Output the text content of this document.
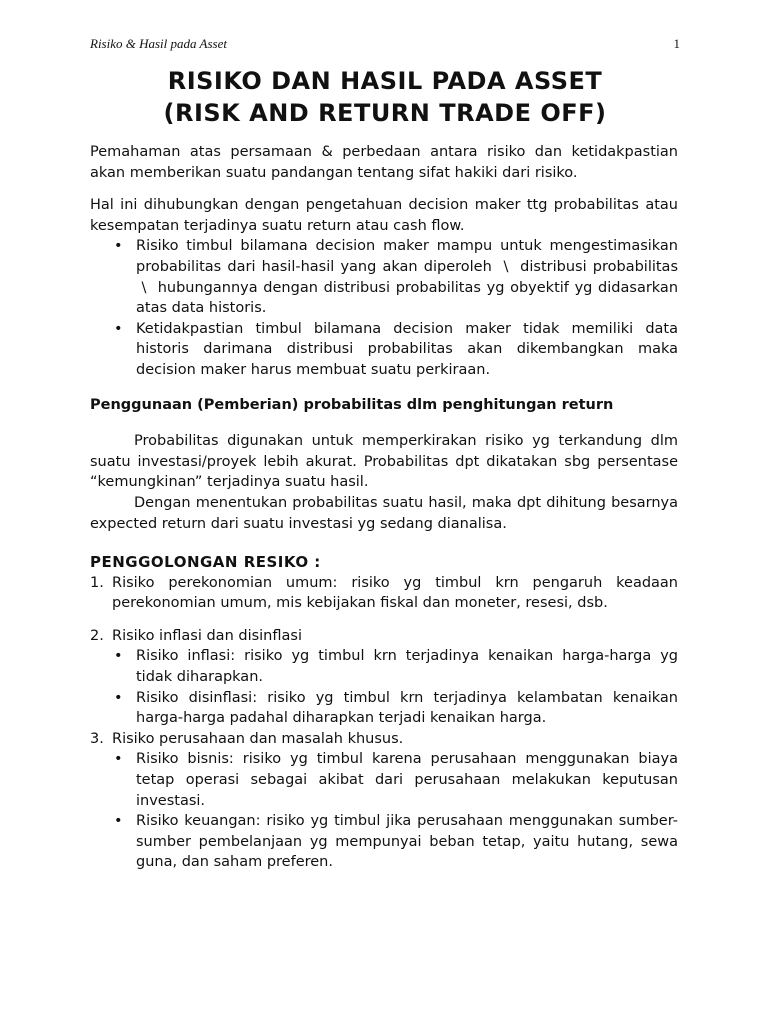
Risiko & Hasil pada Asset	1
RISIKO DAN HASIL PADA ASSET
(RISK AND RETURN TRADE OFF)

Pemahaman atas persamaan & perbedaan antara risiko dan ketidakpastian akan memberikan suatu pandangan tentang sifat hakiki dari risiko.

Hal ini dihubungkan dengan pengetahuan decision maker ttg probabilitas atau kesempatan terjadinya suatu return atau cash flow.

• Risiko timbul bilamana decision maker mampu untuk mengestimasikan probabilitas dari hasil-hasil yang akan diperoleh \ distribusi probabilitas \ hubungannya dengan distribusi probabilitas yg obyektif yg didasarkan atas data historis.
• Ketidakpastian timbul bilamana decision maker tidak memiliki data historis darimana distribusi probabilitas akan dikembangkan maka decision maker harus membuat suatu perkiraan.

Penggunaan (Pemberian) probabilitas dlm penghitungan return

Probabilitas digunakan untuk memperkirakan risiko yg terkandung dlm suatu investasi/proyek lebih akurat. Probabilitas dpt dikatakan sbg persentase “kemungkinan” terjadinya suatu hasil.

Dengan menentukan probabilitas suatu hasil, maka dpt dihitung besarnya expected return dari suatu investasi yg sedang dianalisa.

PENGGOLONGAN RESIKO :

1. Risiko perekonomian umum: risiko yg timbul krn pengaruh keadaan perekonomian umum, mis kebijakan fiskal dan moneter, resesi, dsb.

2. Risiko inflasi dan disinflasi

• Risiko inflasi: risiko yg timbul krn terjadinya kenaikan harga-harga yg tidak diharapkan.
• Risiko disinflasi: risiko yg timbul krn terjadinya kelambatan kenaikan harga-harga padahal diharapkan terjadi kenaikan harga.
3. Risiko perusahaan dan masalah khusus.

• Risiko bisnis: risiko yg timbul karena perusahaan menggunakan biaya tetap operasi sebagai akibat dari perusahaan melakukan keputusan investasi.
• Risiko keuangan: risiko yg timbul jika perusahaan menggunakan sumber-sumber pembelanjaan yg mempunyai beban tetap, yaitu hutang, sewa guna, dan saham preferen.
